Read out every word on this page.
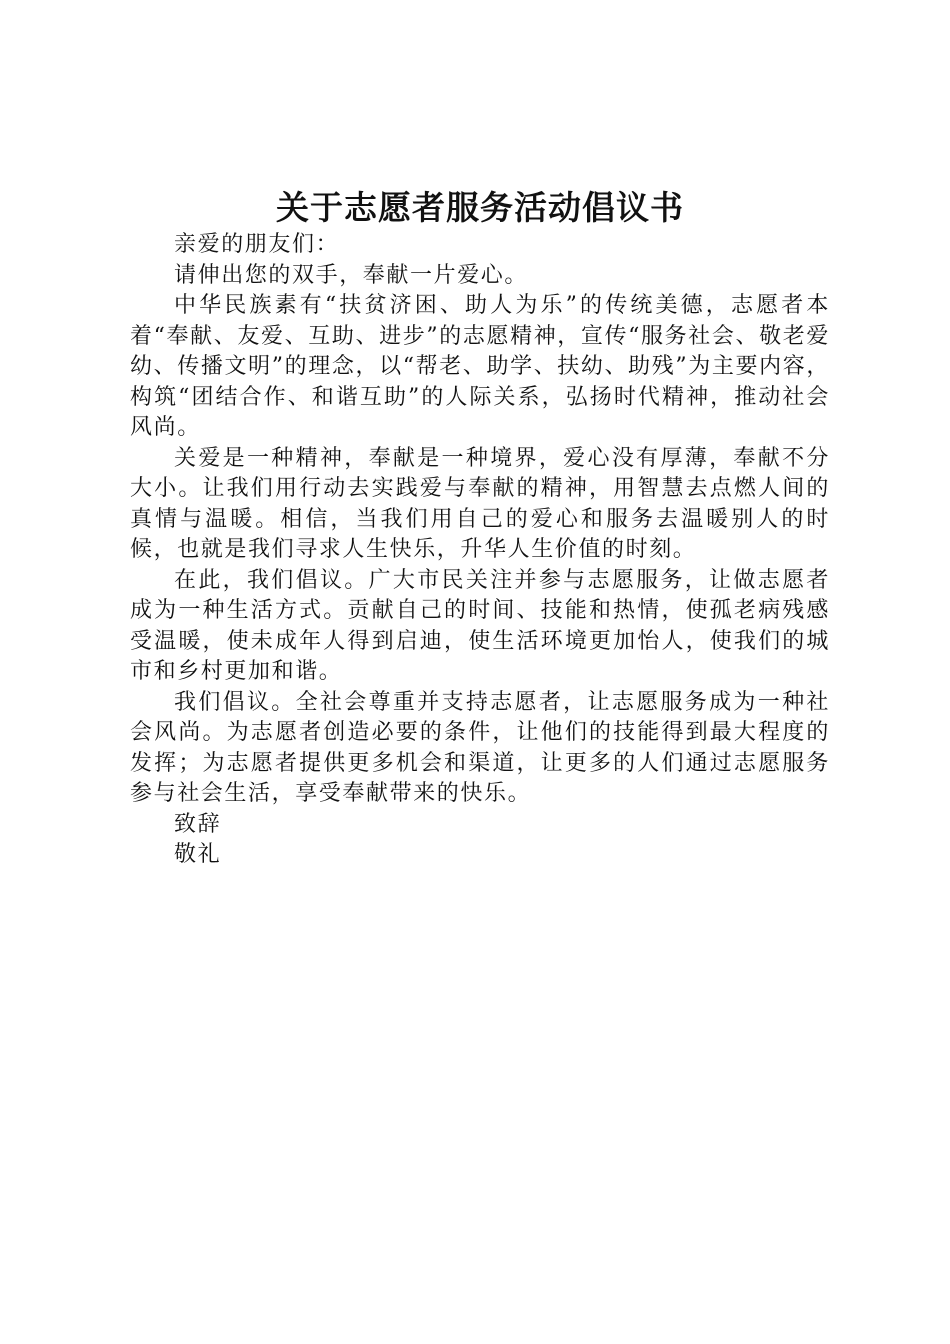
关于志愿者服务活动倡议书

亲爱的朋友们：

请伸出您的双手，奉献一片爱心。

中华民族素有“扶贫济困、助人为乐”的传统美德，志愿者本着“奉献、友爱、互助、进步”的志愿精神，宣传“服务社会、敬老爱幼、传播文明”的理念，以“帮老、助学、扶幼、助残”为主要内容，构筑“团结合作、和谐互助”的人际关系，弘扬时代精神，推动社会风尚。

关爱是一种精神，奉献是一种境界，爱心没有厚薄，奉献不分大小。让我们用行动去实践爱与奉献的精神，用智慧去点燃人间的真情与温暖。相信，当我们用自己的爱心和服务去温暖别人的时候，也就是我们寻求人生快乐，升华人生价值的时刻。

在此，我们倡议。广大市民关注并参与志愿服务，让做志愿者成为一种生活方式。贡献自己的时间、技能和热情，使孤老病残感受温暖，使未成年人得到启迪，使生活环境更加怡人，使我们的城市和乡村更加和谐。

我们倡议。全社会尊重并支持志愿者，让志愿服务成为一种社会风尚。为志愿者创造必要的条件，让他们的技能得到最大程度的发挥；为志愿者提供更多机会和渠道，让更多的人们通过志愿服务参与社会生活，享受奉献带来的快乐。

致辞

敬礼
